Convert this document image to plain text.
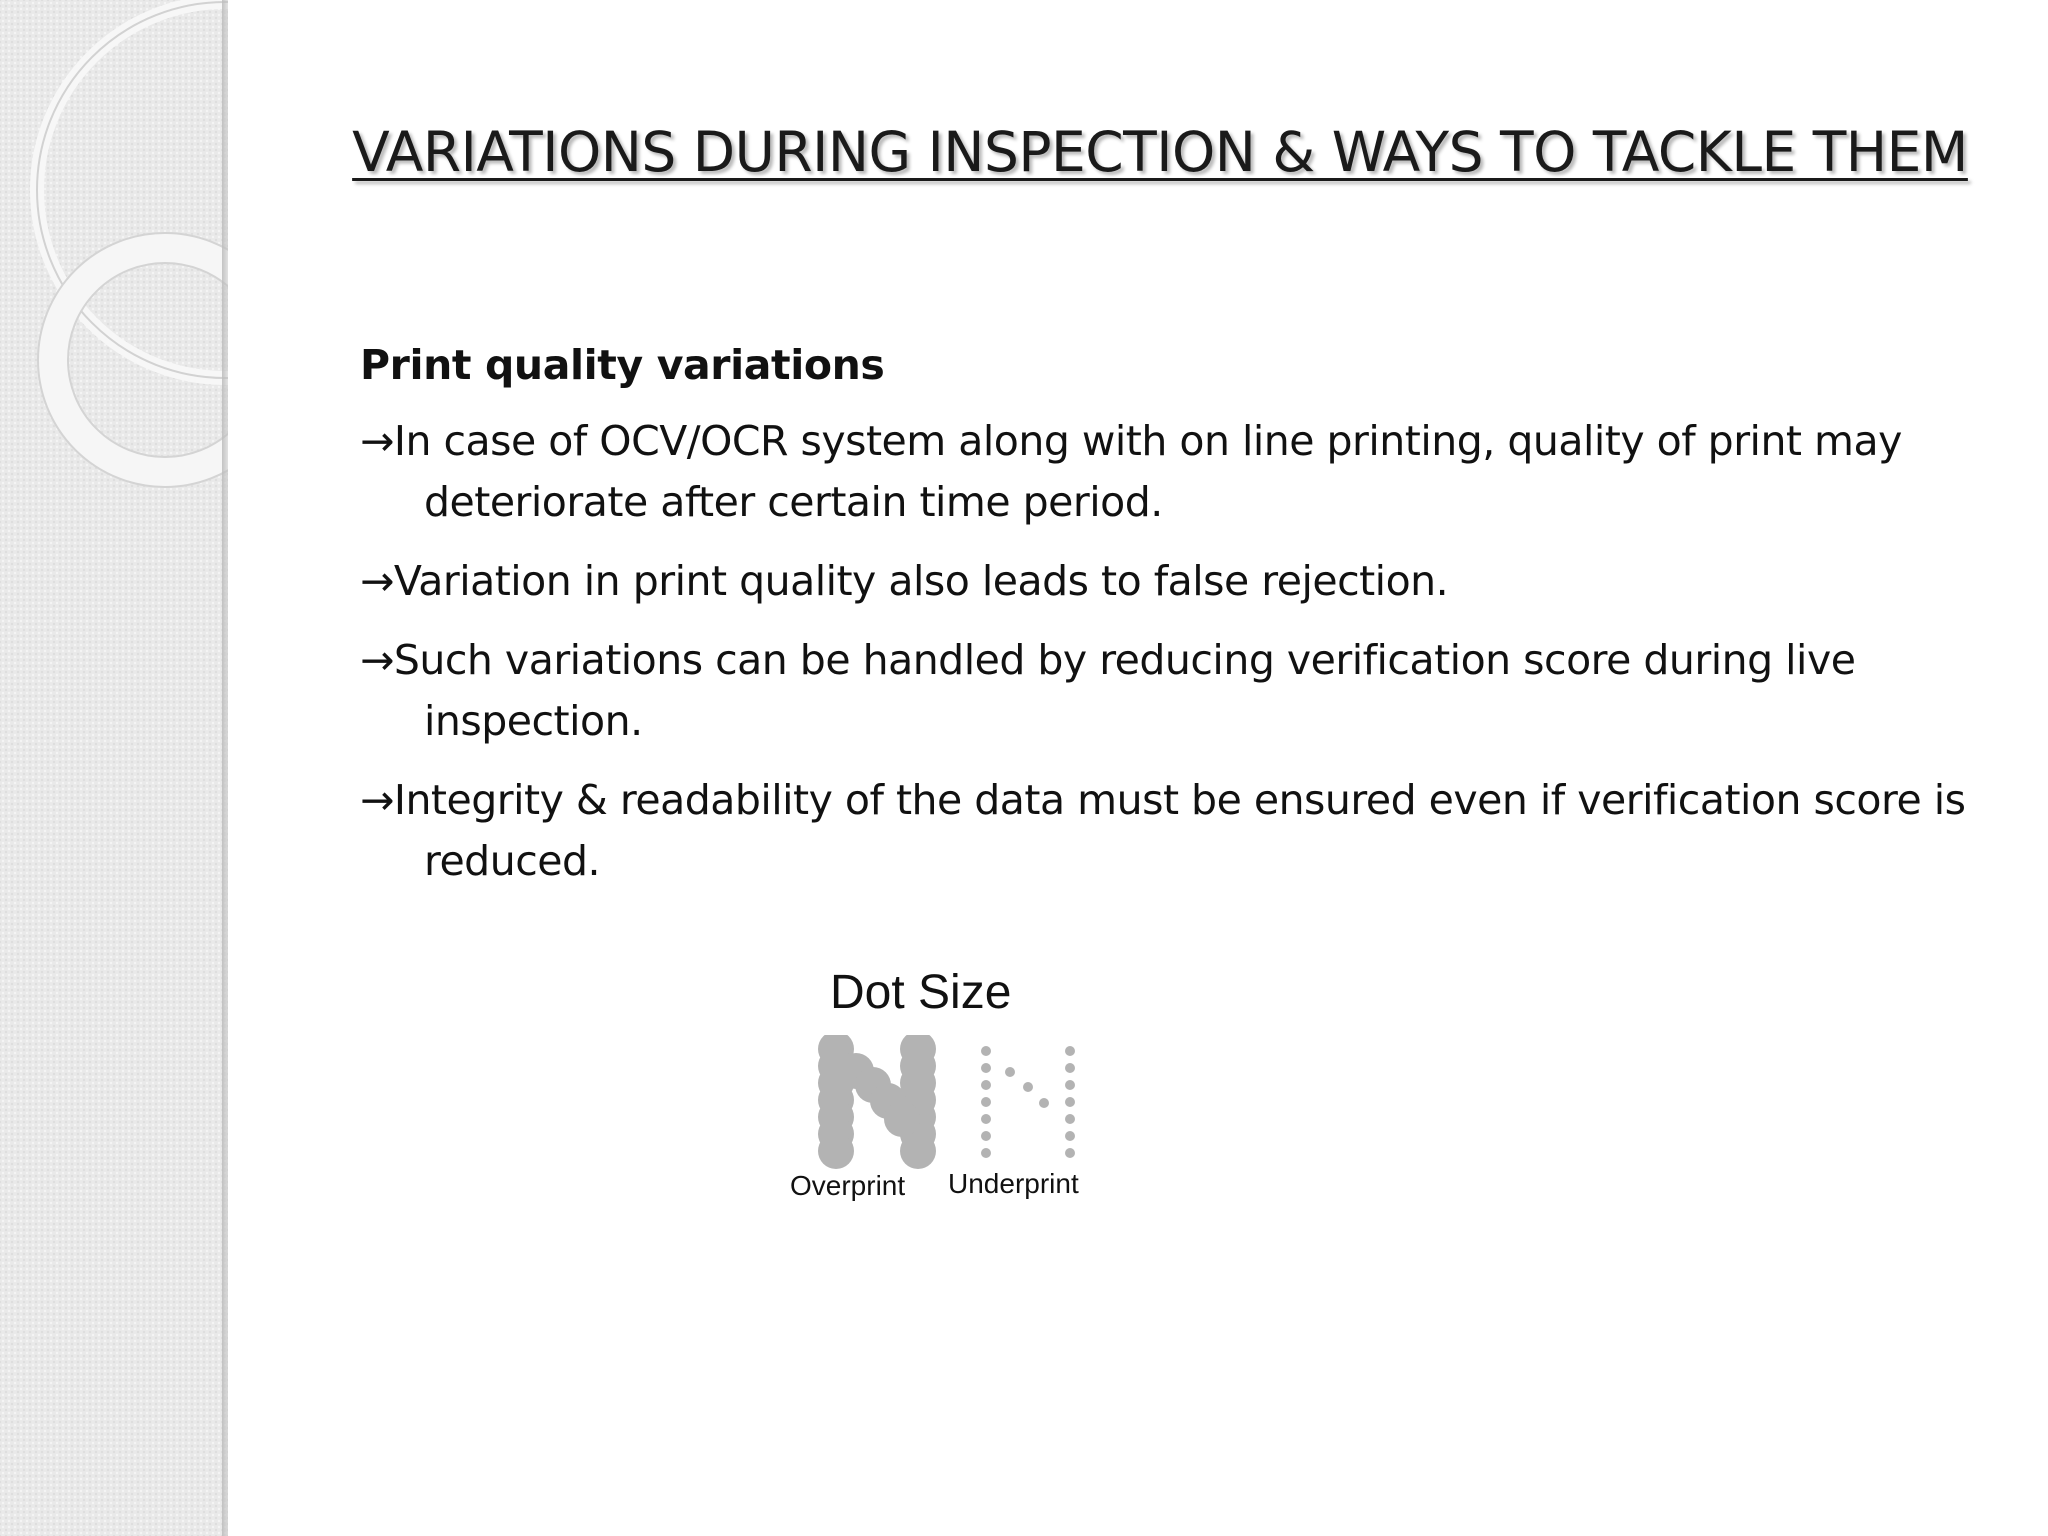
VARIATIONS DURING INSPECTION & WAYS TO TACKLE THEM
Print quality variations
→In case of OCV/OCR system along with on line printing, quality of print may deteriorate after certain time period.
→Variation in print quality also leads to false rejection.
→Such variations can be handled by reducing verification score during live inspection.
→Integrity & readability of the data must be ensured even if verification score is reduced.
Dot Size
Overprint Underprint
